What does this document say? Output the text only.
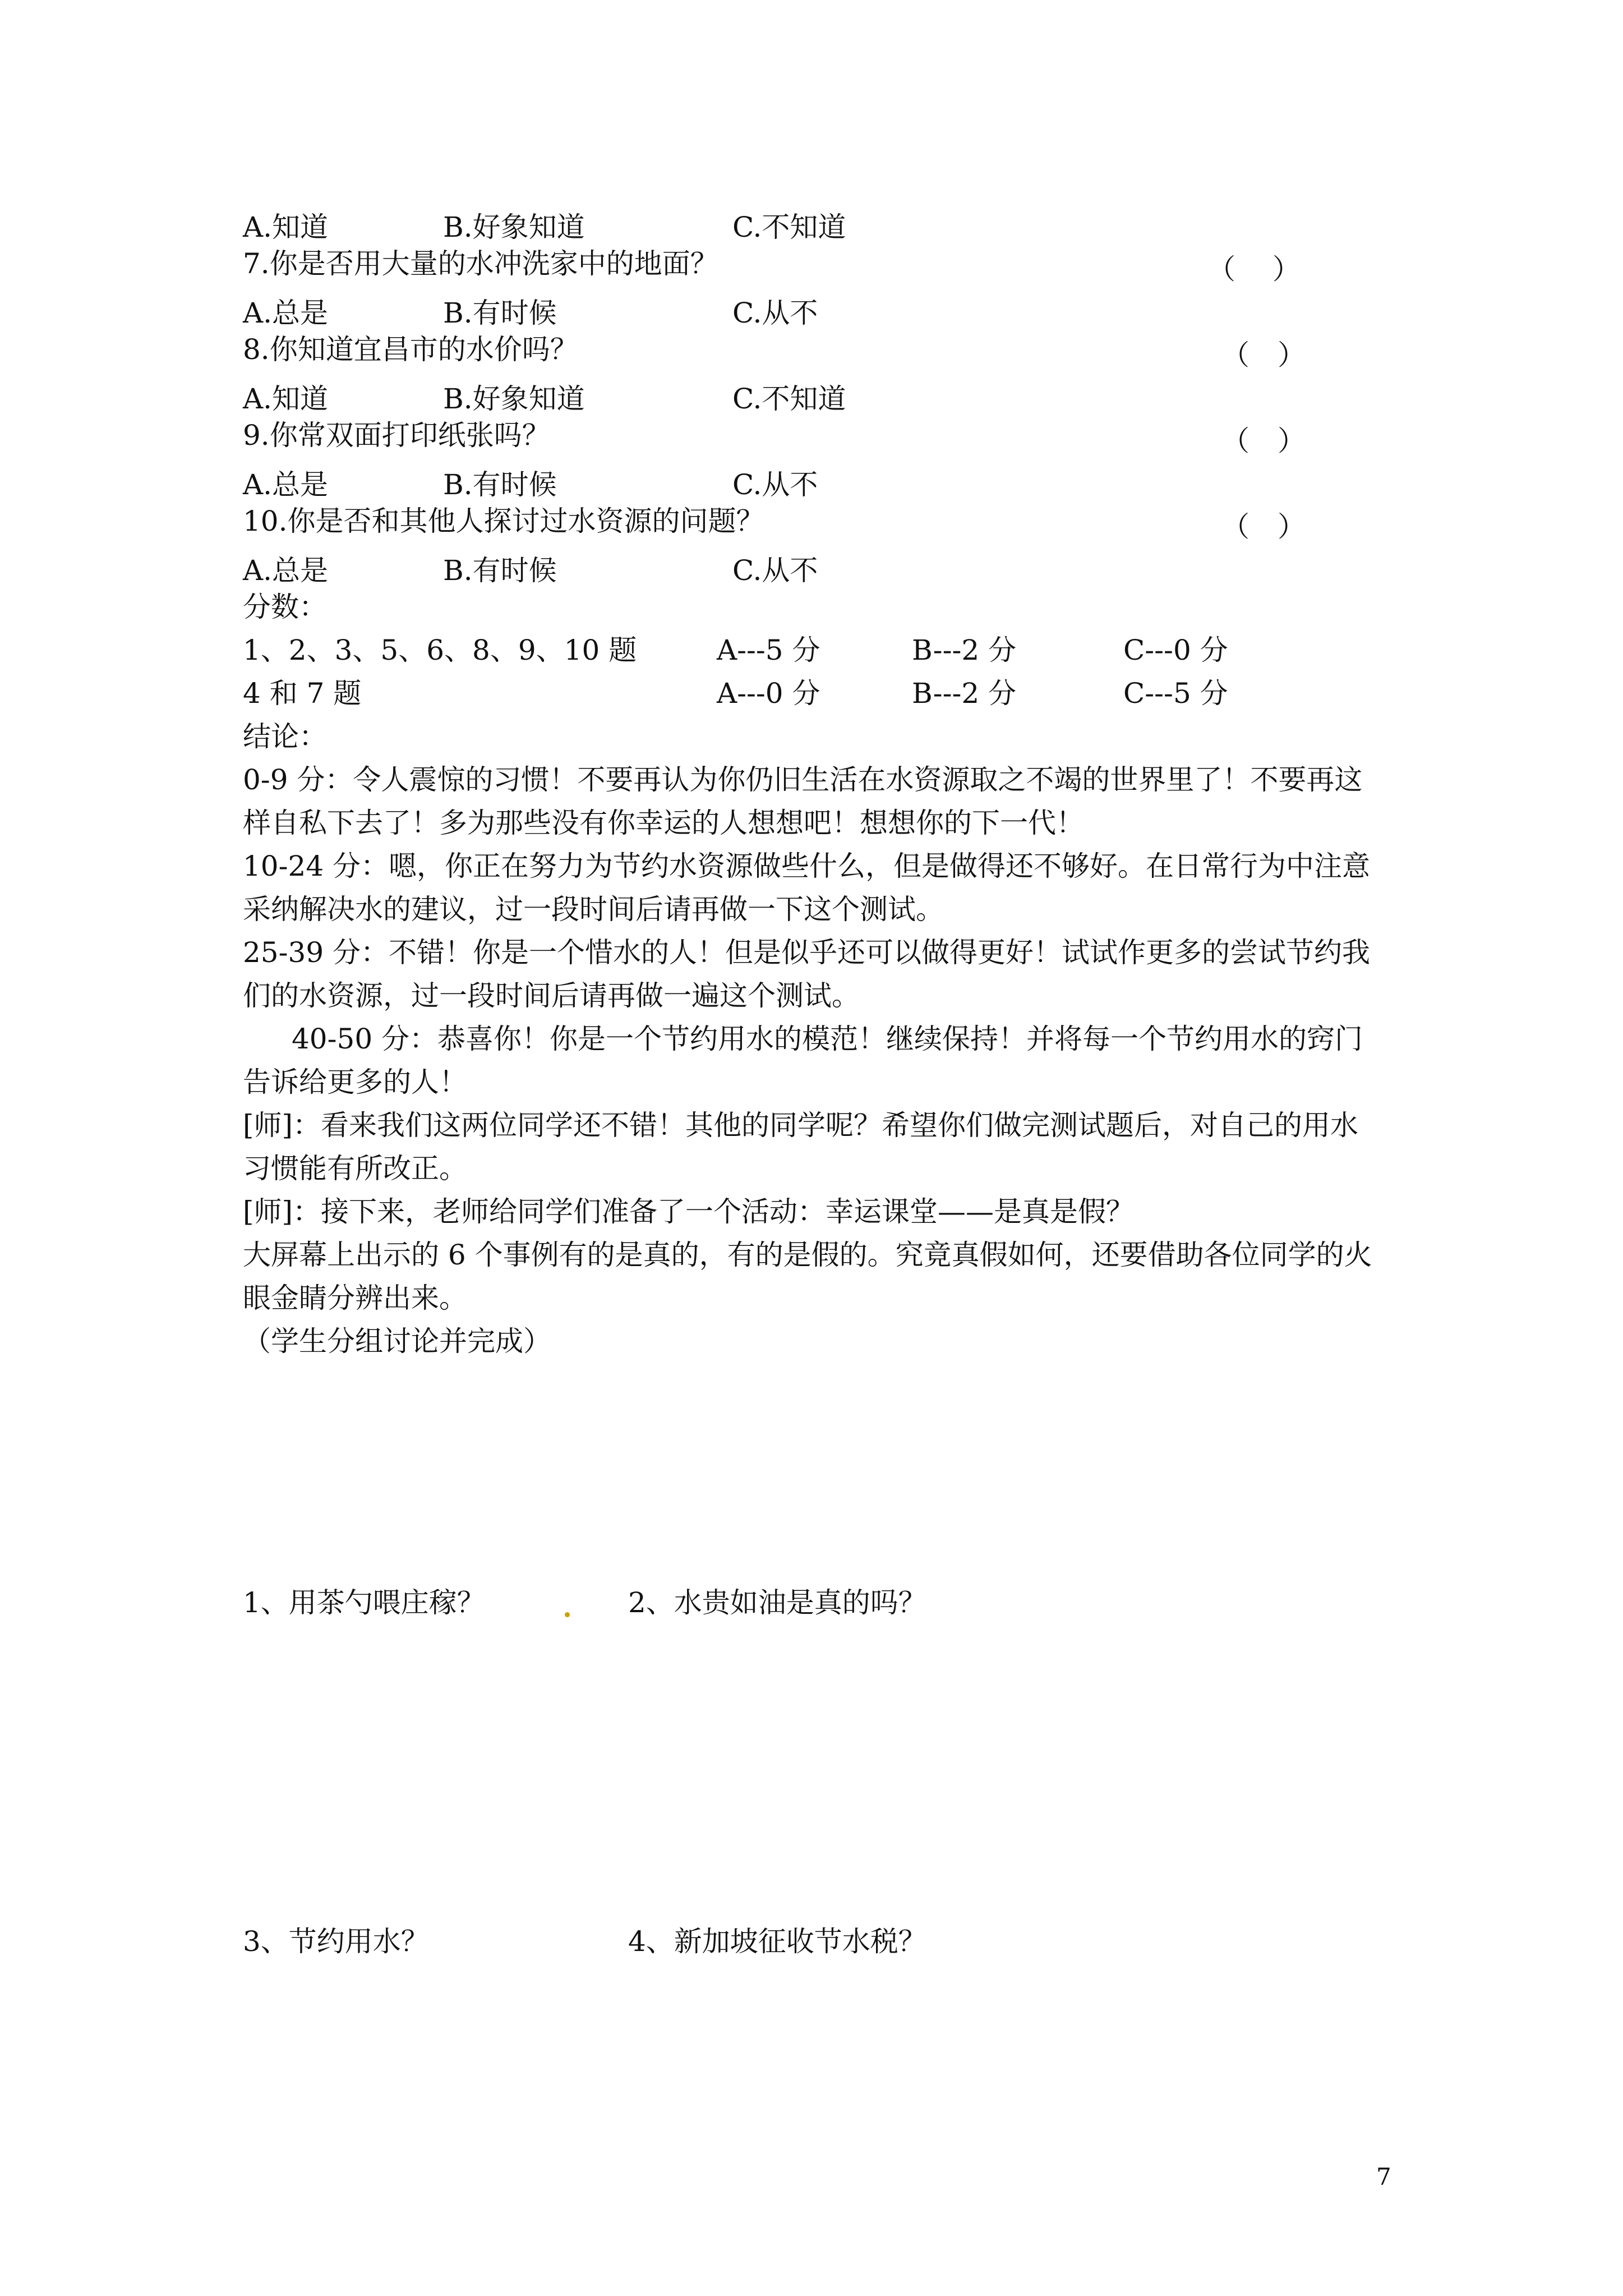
A.知道	B.好象知道	C.不知道
7.你是否用大量的水冲洗家中的地面？	（　 ）
A.总是	B.有时候	C.从不
8.你知道宜昌市的水价吗？	（　）
A.知道	B.好象知道	C.不知道
9.你常双面打印纸张吗？	（　）
A.总是	B.有时候	C.从不
10.你是否和其他人探讨过水资源的问题？	（　）
A.总是	B.有时候	C.从不
分数：
1、2、3、5、6、8、9、10 题	A---5 分	B---2 分	C---0 分
4 和 7 题	A---0 分	B---2 分	C---5 分
结论：
0-9 分：令人震惊的习惯！不要再认为你仍旧生活在水资源取之不竭的世界里了！不要再这
样自私下去了！多为那些没有你幸运的人想想吧！想想你的下一代！
10-24 分：嗯，你正在努力为节约水资源做些什么，但是做得还不够好。在日常行为中注意
采纳解决水的建议，过一段时间后请再做一下这个测试。
25-39 分：不错！你是一个惜水的人！但是似乎还可以做得更好！试试作更多的尝试节约我
们的水资源，过一段时间后请再做一遍这个测试。
40-50 分：恭喜你！你是一个节约用水的模范！继续保持！并将每一个节约用水的窍门
告诉给更多的人！
[师]：看来我们这两位同学还不错！其他的同学呢？希望你们做完测试题后，对自己的用水
习惯能有所改正。
[师]：接下来，老师给同学们准备了一个活动：幸运课堂——是真是假？
大屏幕上出示的 6 个事例有的是真的，有的是假的。究竟真假如何，还要借助各位同学的火
眼金睛分辨出来。
（学生分组讨论并完成）
1、用茶勺喂庄稼？	2、水贵如油是真的吗？
3、节约用水？	4、新加坡征收节水税？
7
